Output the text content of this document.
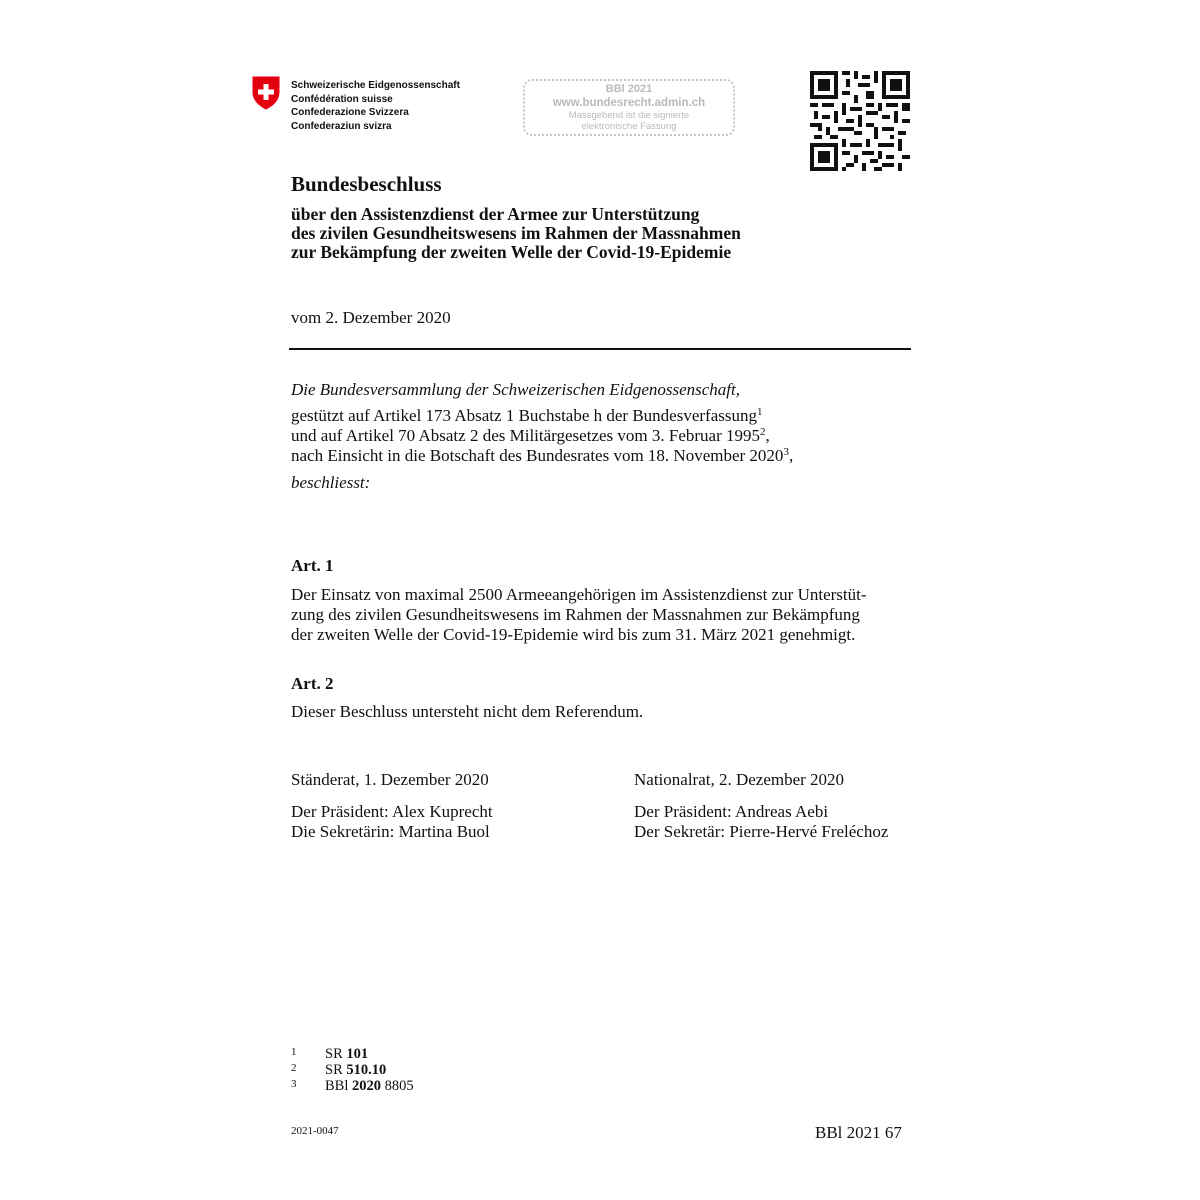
Schweizerische Eidgenossenschaft
Confédération suisse
Confederazione Svizzera
Confederaziun svizra
BBl 2021
www.bundesrecht.admin.ch
Massgebend ist die signierte
elektronische Fassung
Bundesbeschluss
über den Assistenzdienst der Armee zur Unterstützung
des zivilen Gesundheitswesens im Rahmen der Massnahmen
zur Bekämpfung der zweiten Welle der Covid-19-Epidemie
vom 2. Dezember 2020
Die Bundesversammlung der Schweizerischen Eidgenossenschaft,
gestützt auf Artikel 173 Absatz 1 Buchstabe h der Bundesverfassung$^1$
und auf Artikel 70 Absatz 2 des Militärgesetzes vom 3. Februar 1995$^2$,
nach Einsicht in die Botschaft des Bundesrates vom 18. November 2020$^3$,
beschliesst:
Art. 1
Der Einsatz von maximal 2500 Armeeangehörigen im Assistenzdienst zur Unterstüt-
zung des zivilen Gesundheitswesens im Rahmen der Massnahmen zur Bekämpfung
der zweiten Welle der Covid-19-Epidemie wird bis zum 31. März 2021 genehmigt.
Art. 2
Dieser Beschluss untersteht nicht dem Referendum.
Ständerat, 1. Dezember 2020
Der Präsident: Alex Kuprecht
Die Sekretärin: Martina Buol
Nationalrat, 2. Dezember 2020
Der Präsident: Andreas Aebi
Der Sekretär: Pierre-Hervé Freléchoz
1	SR 101
2	SR 510.10
3	BBl 2020 8805
2021-0047	BBl 2021 67
